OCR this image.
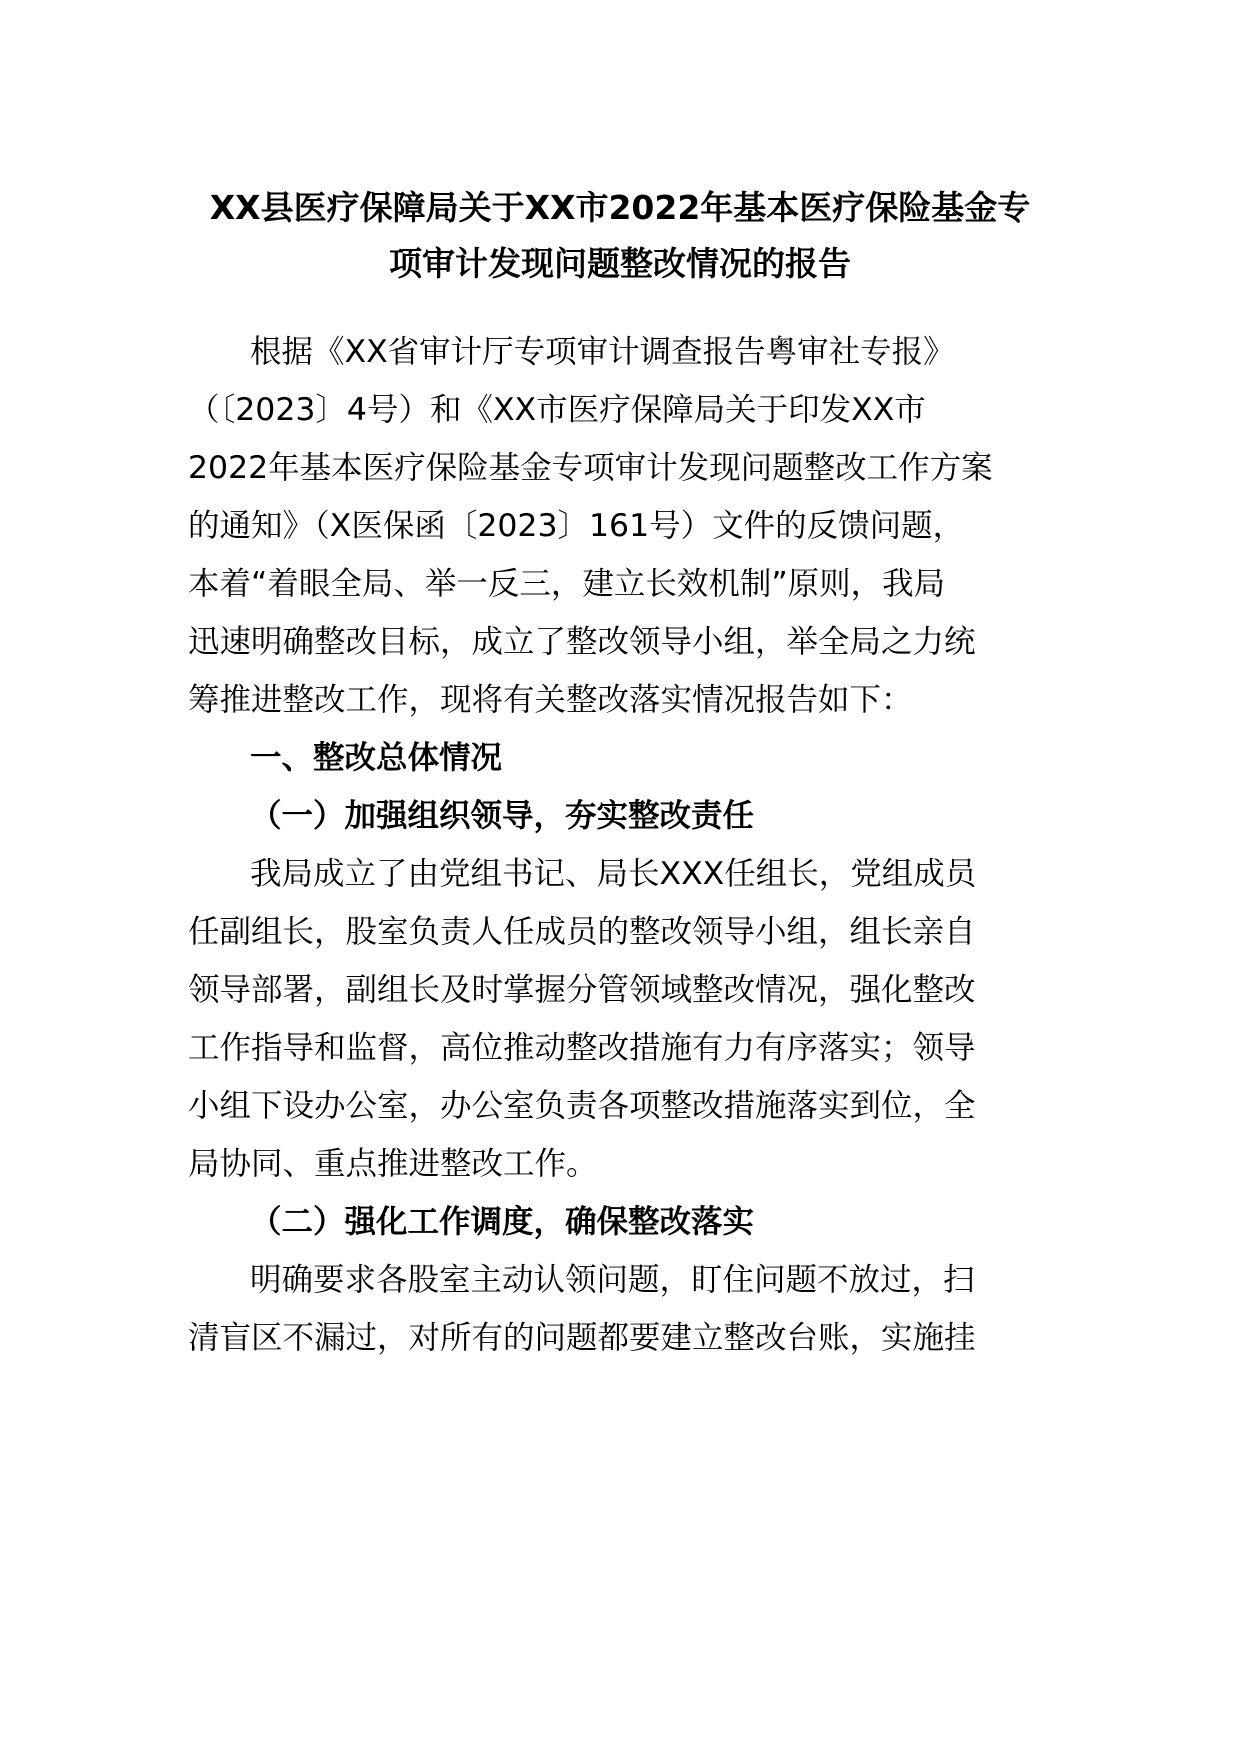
XX县医疗保障局关于XX市2022年基本医疗保险基金专
项审计发现问题整改情况的报告
根据《XX省审计厅专项审计调查报告粤审社专报》
（〔2023〕4号）和《XX市医疗保障局关于印发XX市
2022年基本医疗保险基金专项审计发现问题整改工作方案
的通知》（X医保函〔2023〕161号）文件的反馈问题，
本着“着眼全局、举一反三，建立长效机制”原则，我局
迅速明确整改目标，成立了整改领导小组，举全局之力统
筹推进整改工作，现将有关整改落实情况报告如下：
一、整改总体情况
（一）加强组织领导，夯实整改责任
我局成立了由党组书记、局长XXX任组长，党组成员
任副组长，股室负责人任成员的整改领导小组，组长亲自
领导部署，副组长及时掌握分管领域整改情况，强化整改
工作指导和监督，高位推动整改措施有力有序落实；领导
小组下设办公室，办公室负责各项整改措施落实到位，全
局协同、重点推进整改工作。
（二）强化工作调度，确保整改落实
明确要求各股室主动认领问题，盯住问题不放过，扫
清盲区不漏过，对所有的问题都要建立整改台账，实施挂
